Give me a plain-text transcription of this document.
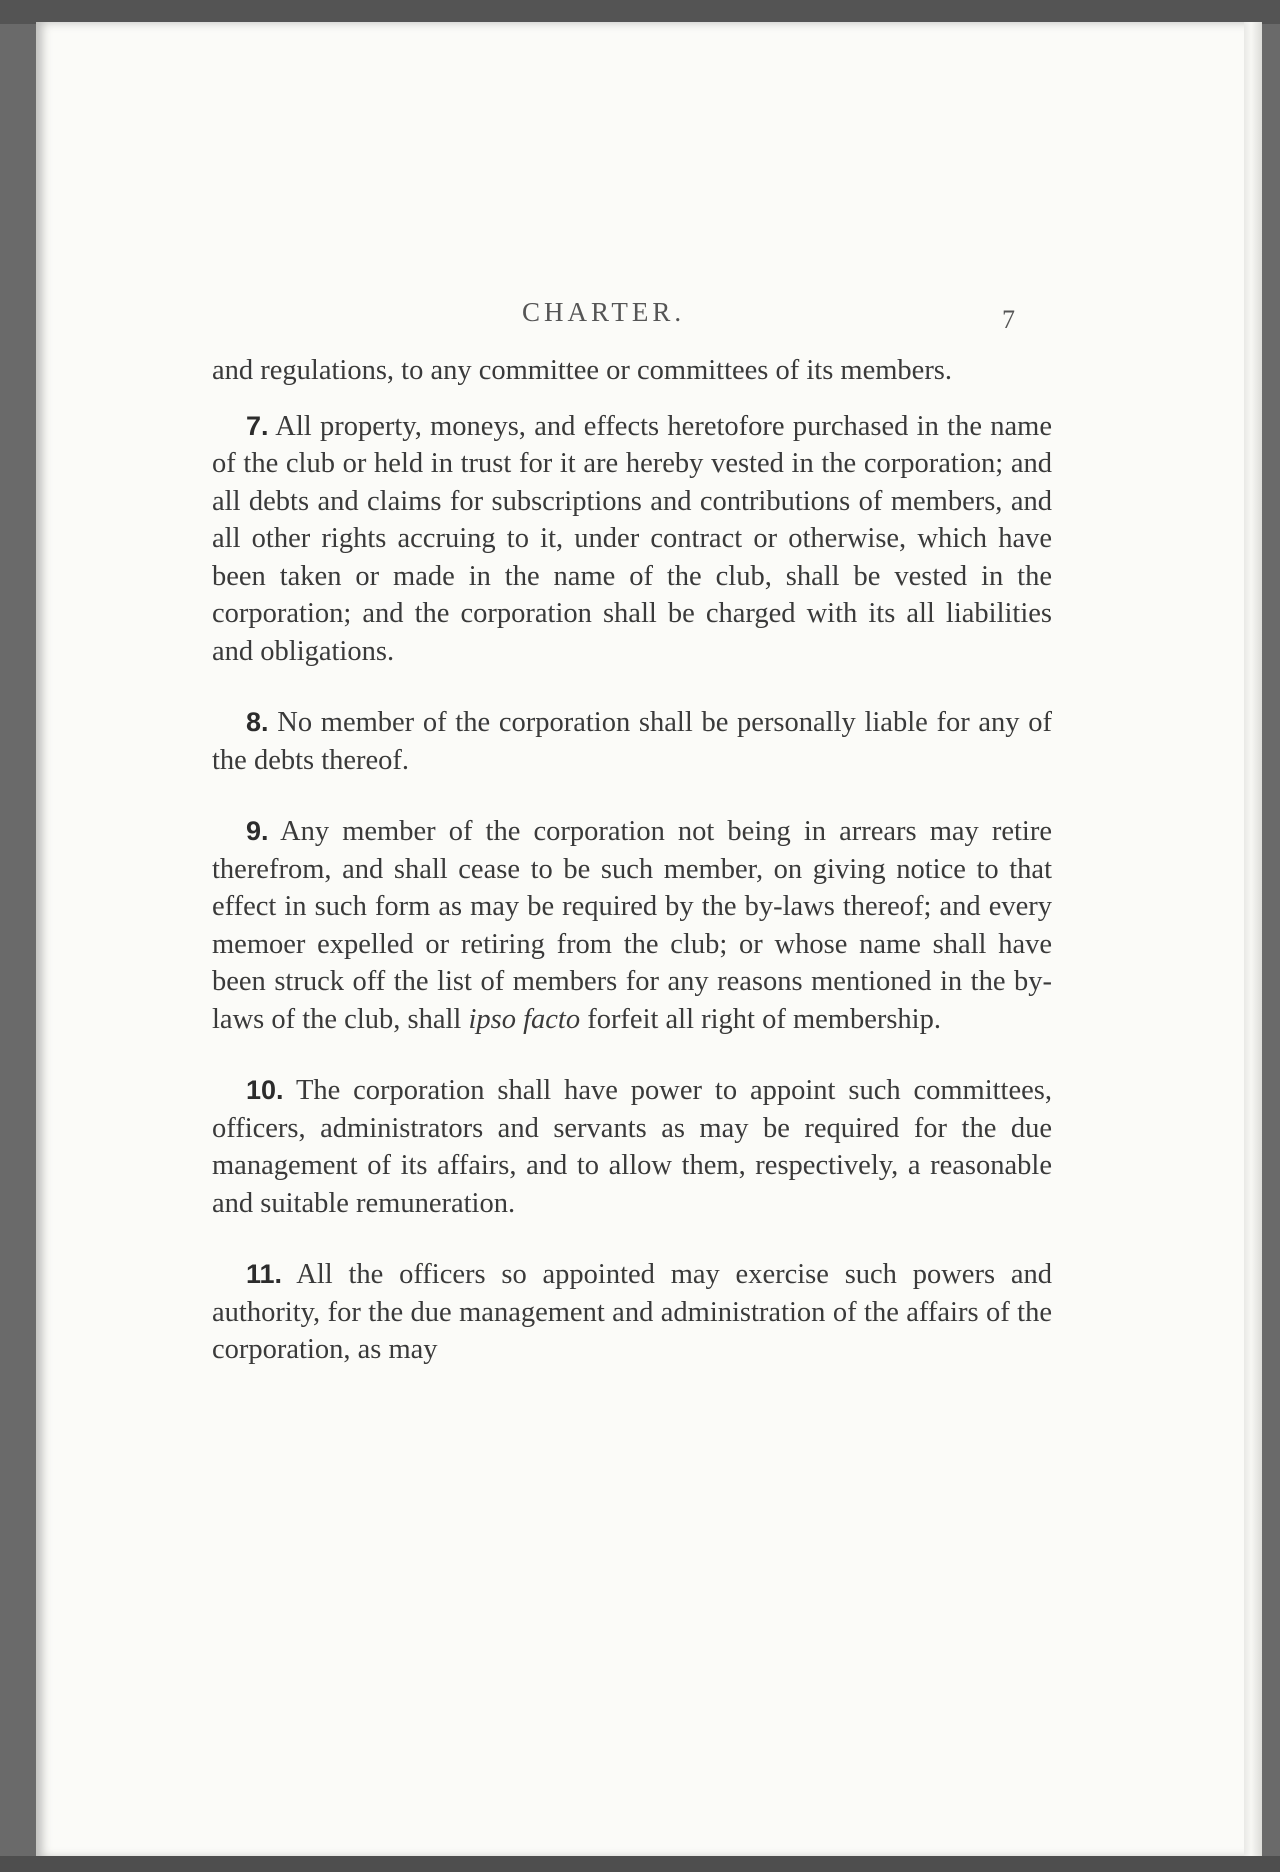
CHARTER.	7

and regulations, to any committee or committees of its members.

7. All property, moneys, and effects heretofore purchased in the name of the club or held in trust for it are hereby vested in the corporation; and all debts and claims for subscriptions and contributions of members, and all other rights accruing to it, under contract or otherwise, which have been taken or made in the name of the club, shall be vested in the corporation; and the corporation shall be charged with its all liabilities and obligations.

8. No member of the corporation shall be personally liable for any of the debts thereof.

9. Any member of the corporation not being in arrears may retire therefrom, and shall cease to be such member, on giving notice to that effect in such form as may be required by the by-laws thereof; and every memoer expelled or retiring from the club; or whose name shall have been struck off the list of members for any reasons mentioned in the by-laws of the club, shall ipso facto forfeit all right of membership.

10. The corporation shall have power to appoint such committees, officers, administrators and servants as may be required for the due management of its affairs, and to allow them, respectively, a reasonable and suitable remuneration.

11. All the officers so appointed may exercise such powers and authority, for the due management and administration of the affairs of the corporation, as may
